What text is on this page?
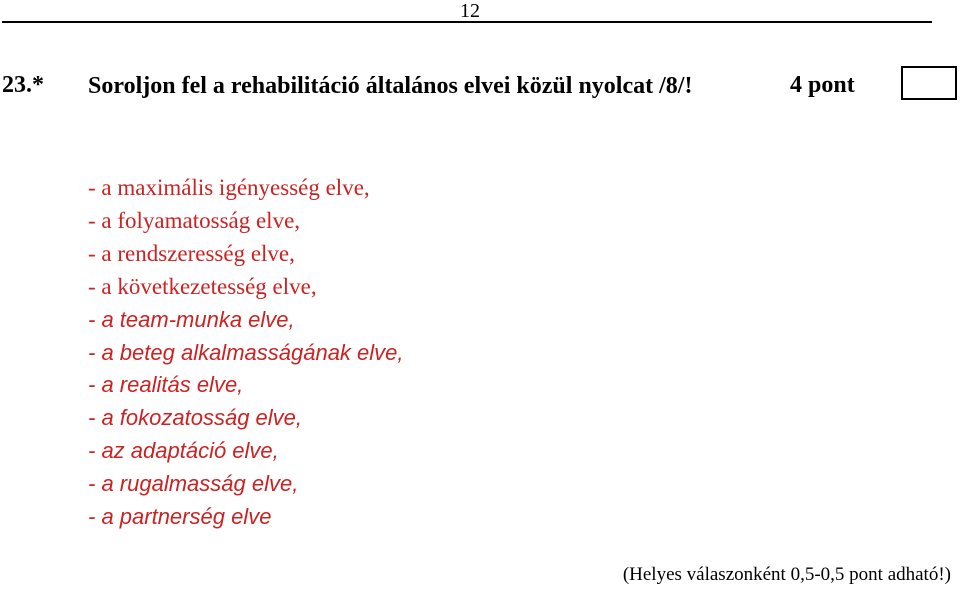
12
23.* Soroljon fel a rehabilitáció általános elvei közül nyolcat /8/!	4 pont
- a maximális igényesség elve,
- a folyamatosság elve,
- a rendszeresség elve,
- a következetesség elve,
- a team-munka elve,
- a beteg alkalmasságának elve,
- a realitás elve,
- a fokozatosság elve,
- az adaptáció elve,
- a rugalmasság elve,
- a partnerség elve
(Helyes válaszonként 0,5-0,5 pont adható!)
